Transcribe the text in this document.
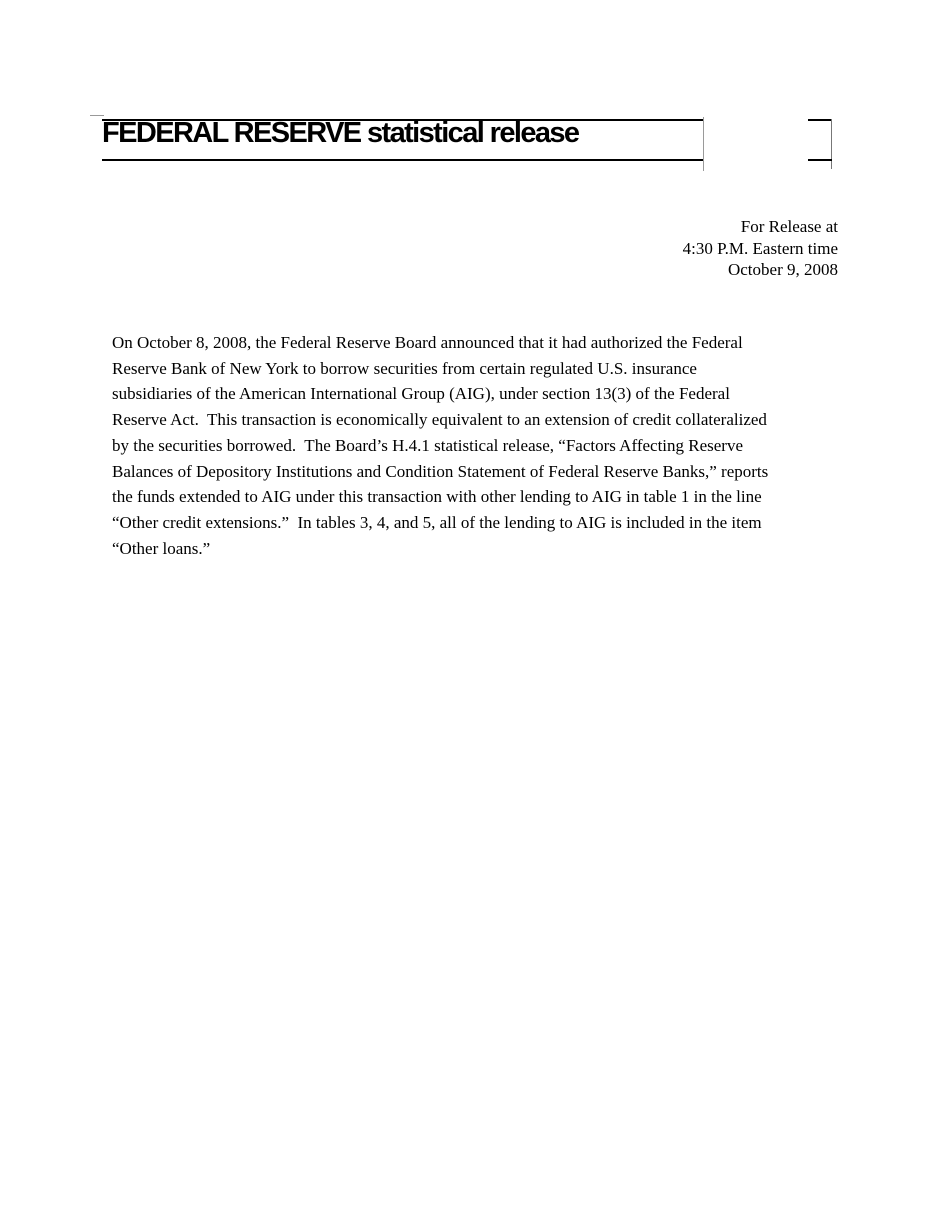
FEDERAL RESERVE statistical release
For Release at
4:30 P.M. Eastern time
October 9, 2008

On October 8, 2008, the Federal Reserve Board announced that it had authorized the Federal
Reserve Bank of New York to borrow securities from certain regulated U.S. insurance
subsidiaries of the American International Group (AIG), under section 13(3) of the Federal
Reserve Act.  This transaction is economically equivalent to an extension of credit collateralized
by the securities borrowed.  The Board’s H.4.1 statistical release, “Factors Affecting Reserve
Balances of Depository Institutions and Condition Statement of Federal Reserve Banks,” reports
the funds extended to AIG under this transaction with other lending to AIG in table 1 in the line
“Other credit extensions.”  In tables 3, 4, and 5, all of the lending to AIG is included in the item
“Other loans.”
